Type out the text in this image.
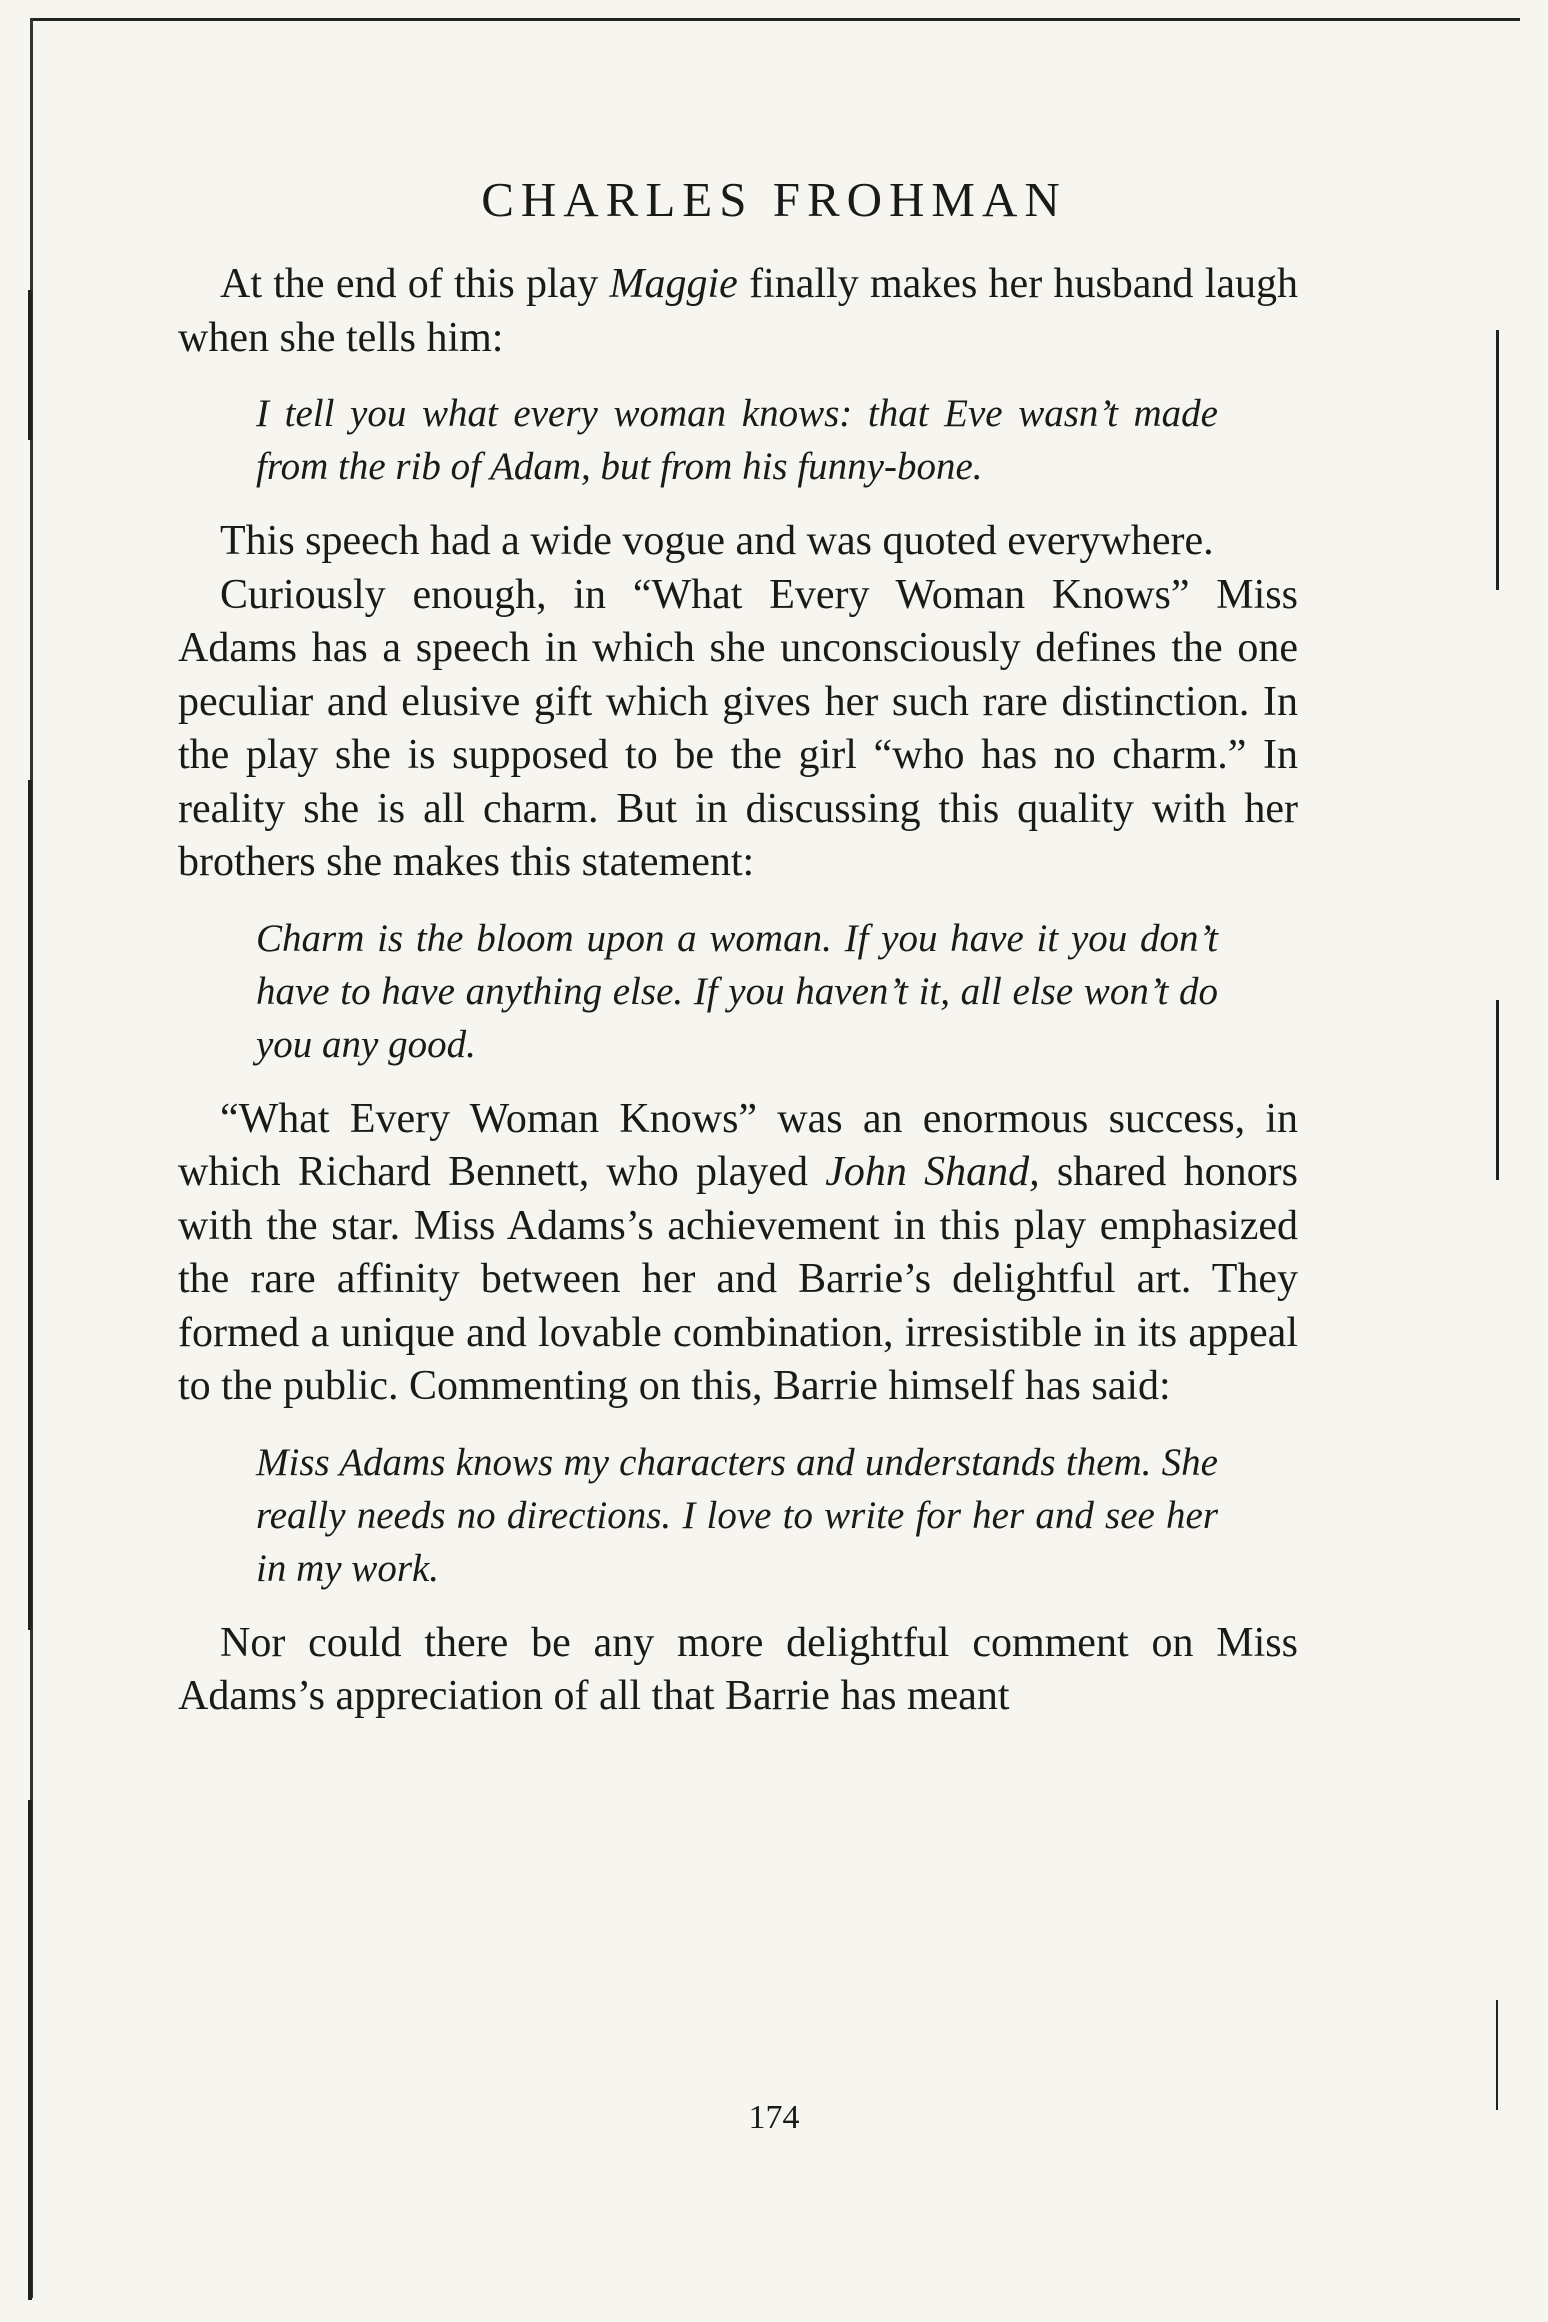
CHARLES FROHMAN

At the end of this play Maggie finally makes her husband laugh when she tells him:

I tell you what every woman knows: that Eve wasn’t made from the rib of Adam, but from his funny-bone.

This speech had a wide vogue and was quoted everywhere.

Curiously enough, in “What Every Woman Knows” Miss Adams has a speech in which she unconsciously defines the one peculiar and elusive gift which gives her such rare distinction. In the play she is supposed to be the girl “who has no charm.” In reality she is all charm. But in discussing this quality with her brothers she makes this statement:

Charm is the bloom upon a woman. If you have it you don’t have to have anything else. If you haven’t it, all else won’t do you any good.

“What Every Woman Knows” was an enormous success, in which Richard Bennett, who played John Shand, shared honors with the star. Miss Adams’s achievement in this play emphasized the rare affinity between her and Barrie’s delightful art. They formed a unique and lovable combination, irresistible in its appeal to the public. Commenting on this, Barrie himself has said:

Miss Adams knows my characters and understands them. She really needs no directions. I love to write for her and see her in my work.

Nor could there be any more delightful comment on Miss Adams’s appreciation of all that Barrie has meant

174
